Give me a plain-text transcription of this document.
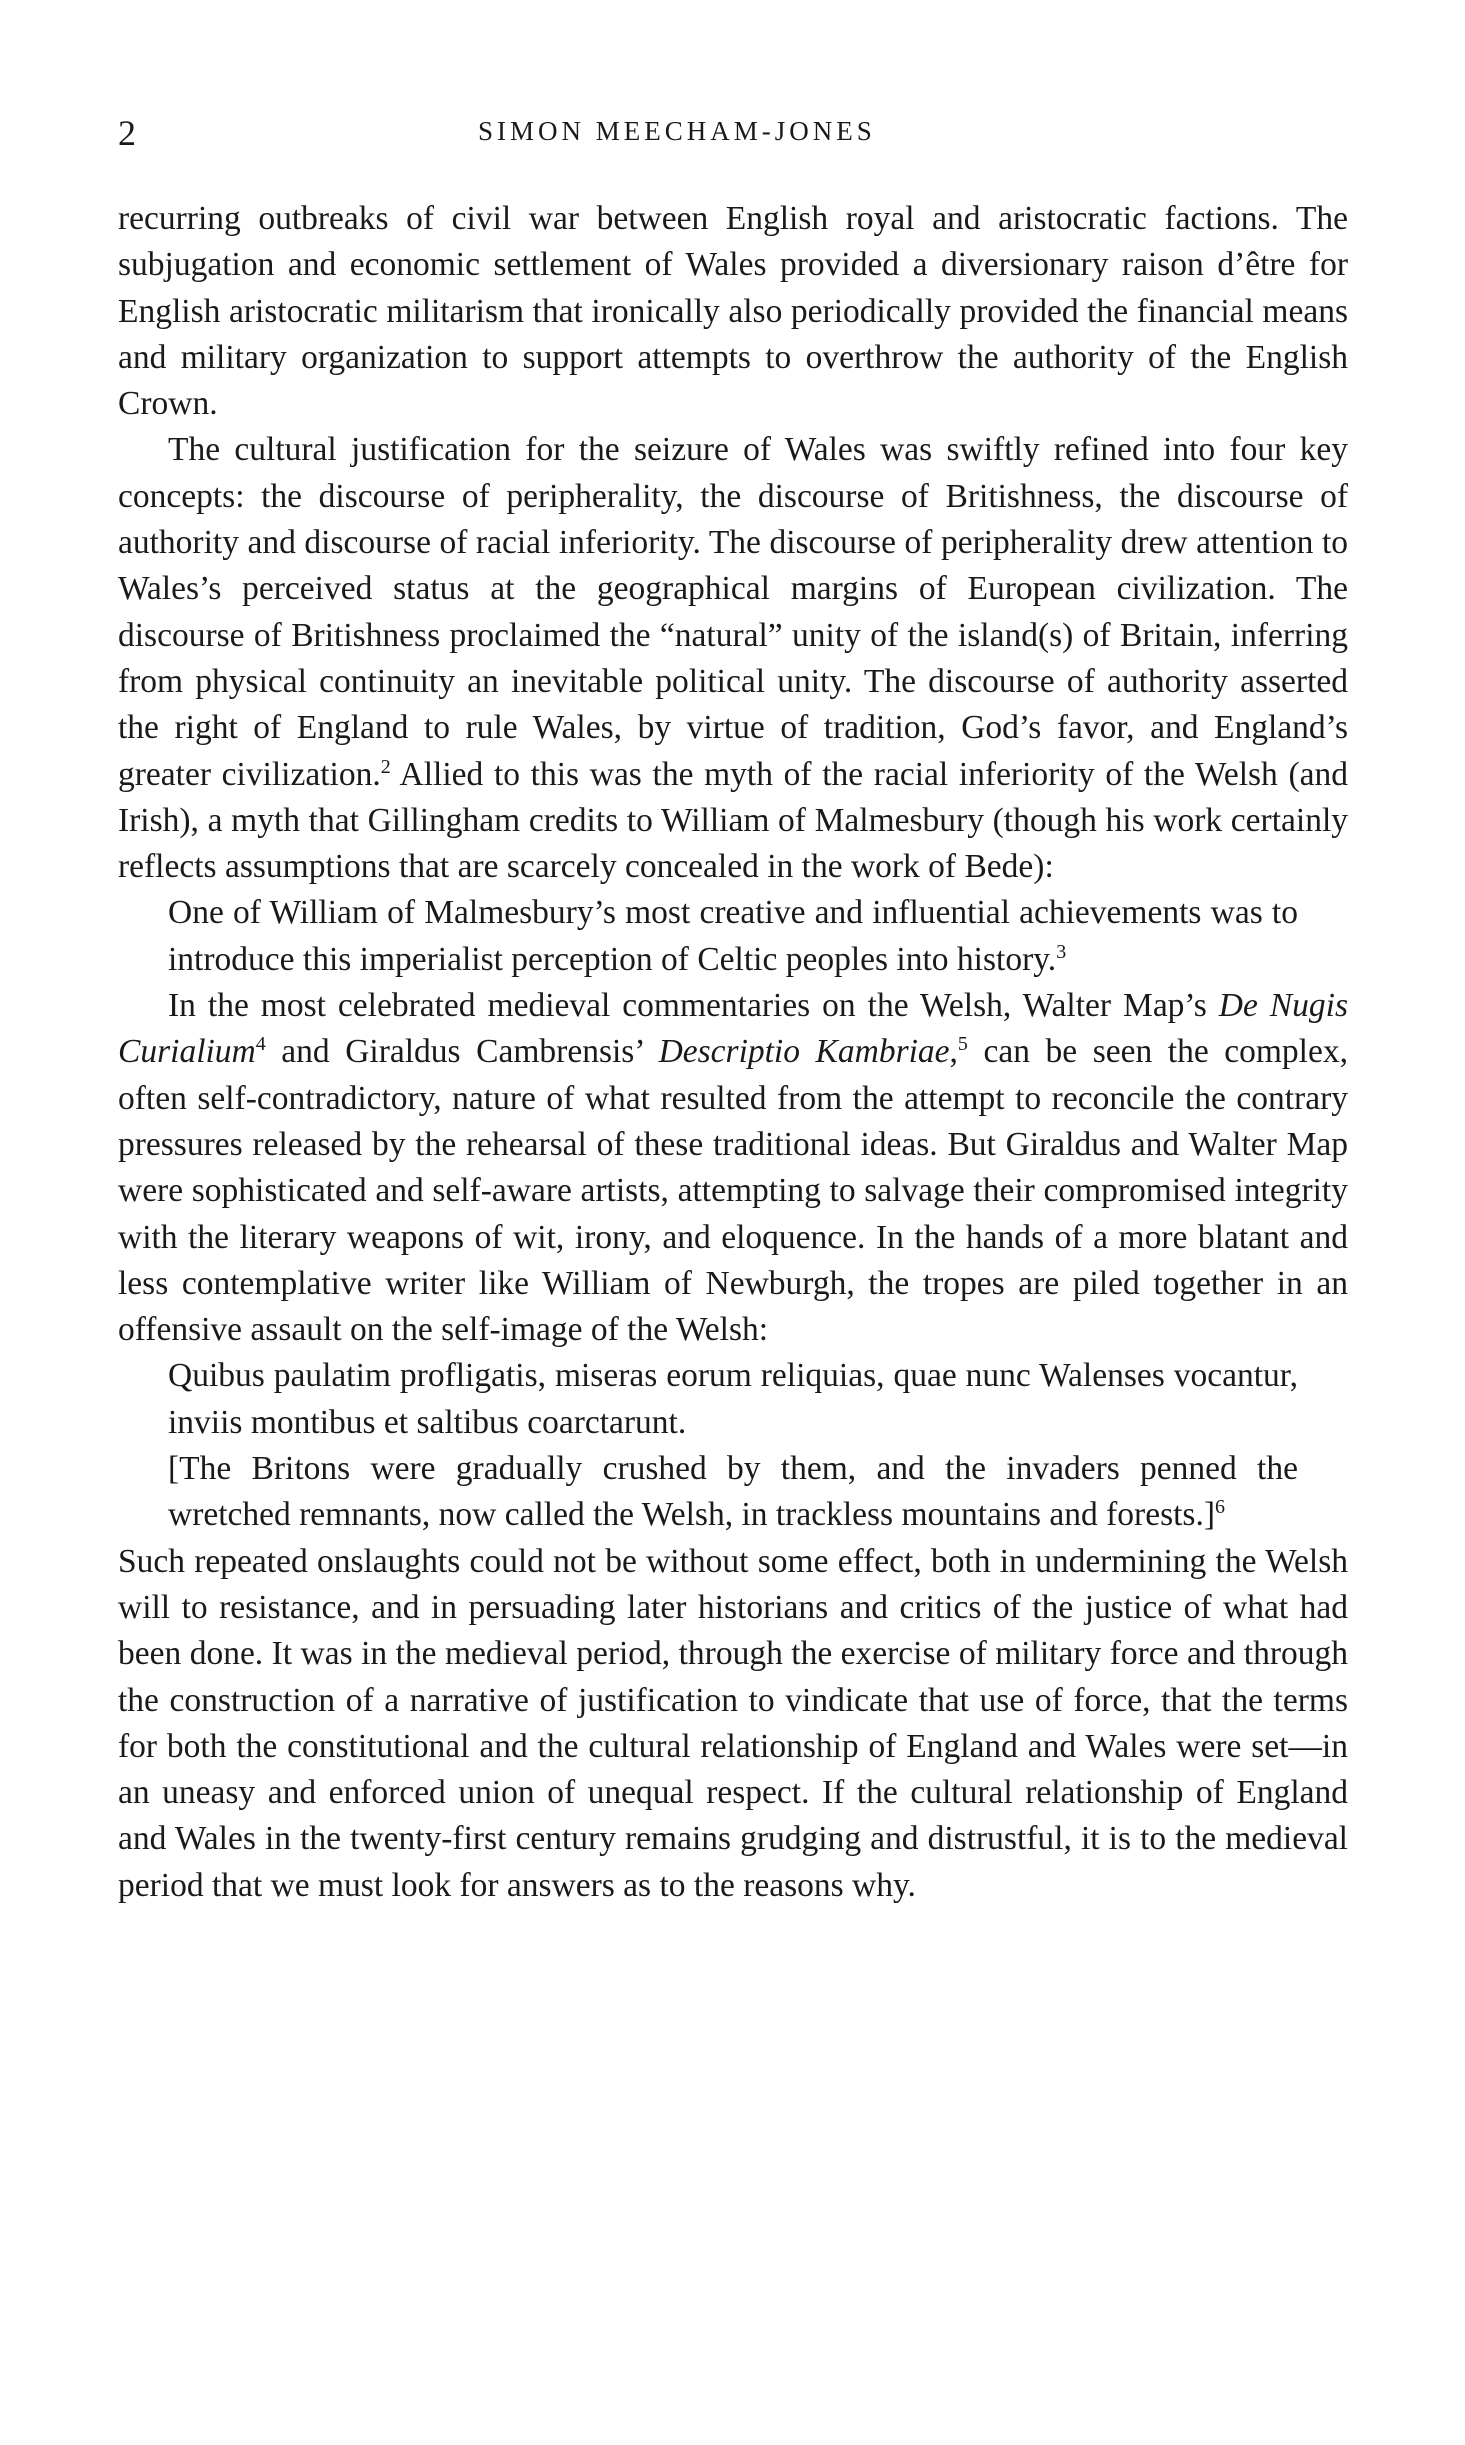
2	SIMON MEECHAM-JONES

recurring outbreaks of civil war between English royal and aristocratic factions. The subjugation and economic settlement of Wales provided a diversionary raison d’être for English aristocratic militarism that ironically also periodically provided the financial means and military organization to support attempts to overthrow the authority of the English Crown.

The cultural justification for the seizure of Wales was swiftly refined into four key concepts: the discourse of peripherality, the discourse of Britishness, the discourse of authority and discourse of racial inferiority. The discourse of peripherality drew attention to Wales’s perceived status at the geographical margins of European civilization. The discourse of Britishness proclaimed the “natural” unity of the island(s) of Britain, inferring from physical continuity an inevitable political unity. The discourse of authority asserted the right of England to rule Wales, by virtue of tradition, God’s favor, and England’s greater civilization.$^2$ Allied to this was the myth of the racial inferiority of the Welsh (and Irish), a myth that Gillingham credits to William of Malmesbury (though his work certainly reflects assumptions that are scarcely concealed in the work of Bede):

One of William of Malmesbury’s most creative and influential achievements was to introduce this imperialist perception of Celtic peoples into history.$^3$

In the most celebrated medieval commentaries on the Welsh, Walter Map’s De Nugis Curialium$^4$ and Giraldus Cambrensis’ Descriptio Kambriae,$^5$ can be seen the complex, often self-contradictory, nature of what resulted from the attempt to reconcile the contrary pressures released by the rehearsal of these traditional ideas. But Giraldus and Walter Map were sophisticated and self-aware artists, attempting to salvage their compromised integrity with the literary weapons of wit, irony, and eloquence. In the hands of a more blatant and less contemplative writer like William of Newburgh, the tropes are piled together in an offensive assault on the self-image of the Welsh:

Quibus paulatim profligatis, miseras eorum reliquias, quae nunc Walenses vocantur, inviis montibus et saltibus coarctarunt.

[The Britons were gradually crushed by them, and the invaders penned the wretched remnants, now called the Welsh, in trackless mountains and forests.]$^6$

Such repeated onslaughts could not be without some effect, both in undermining the Welsh will to resistance, and in persuading later historians and critics of the justice of what had been done. It was in the medieval period, through the exercise of military force and through the construction of a narrative of justification to vindicate that use of force, that the terms for both the constitutional and the cultural relationship of England and Wales were set—in an uneasy and enforced union of unequal respect. If the cultural relationship of England and Wales in the twenty-first century remains grudging and distrustful, it is to the medieval period that we must look for answers as to the reasons why.
